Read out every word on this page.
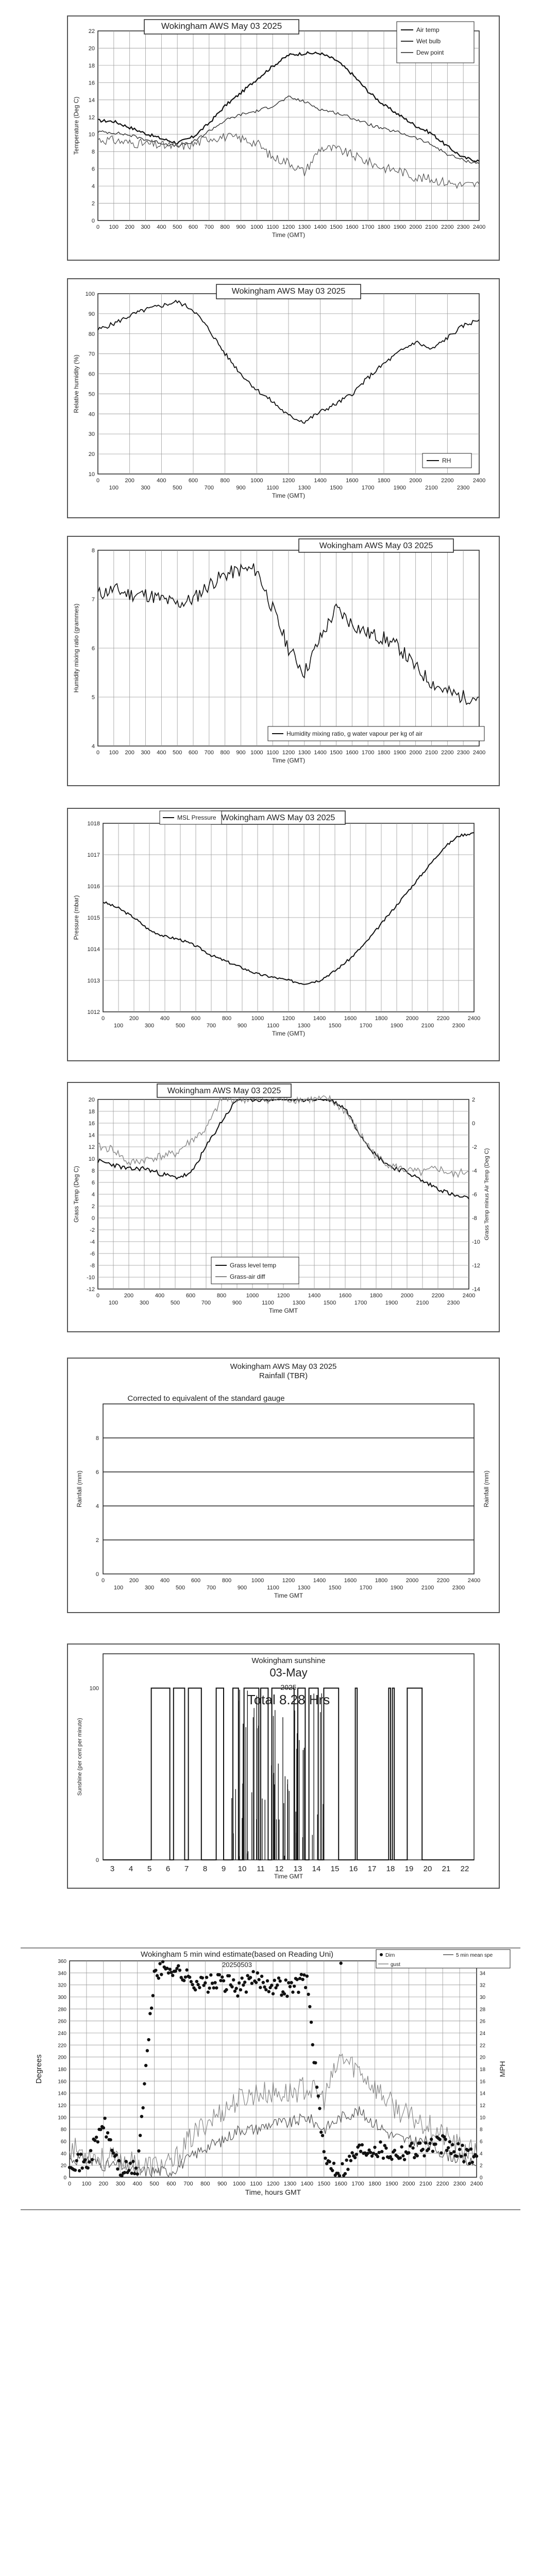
0
2
4
6
8
10
12
14
16
18
20
22
0 100 200 300 400 500 600 700 800 900 1000 1100 1200 1300 1400 1500 1600 1700 1800 1900 2000 2100 2200 2300 2400
Time (GMT)
Temperature (Deg C)
Wokingham AWS May 03 2025	Air temp
Wet bulb
Dew point
10
20
30
40
50
60
70
80
90
100
0	200	400	600	800	1000	1200	1400	1600	1800	2000	2200	2400
100	300	500	700	900	1100	1300	1500	1700	1900	2100	2300
Time (GMT)
Relative humidity (%)
Wokingham AWS May 03 2025
RH
4
5
6
7
8
0 100 200 300 400 500 600 700 800 900 1000 1100 1200 1300 1400 1500 1600 1700 1800 1900 2000 2100 2200 2300 2400
Time (GMT)
Humidity mixing ratio (grammes)
Wokingham AWS May 03 2025
Humidity mixing ratio, g water vapour per kg of air
1012
1013
1014
1015
1016
1017
1018
0	200	400	600	800	1000	1200	1400	1600	1800	2000	2200	2400
100	300	500	700	900	1100	1300	1500	1700	1900	2100	2300
Time (GMT)
Pressure (mbar)
Wokingham AWS May 03 2025
MSL Pressure
20
18
16
14
12
10
8
6
4
2
0
-2
-4
-6
-8
-10
-12
2
0
-2
-4
-6
-8
-10
-12
-14
0	200	400	600	800	1000	1200	1400	1600	1800	2000	2200	2400
100	300	500	700	900	1100	1300	1500	1700	1900	2100	2300
Time GMT
Grass Temp (Deg C)	Grass Temp minus Air Temp (Deg C)
Wokingham AWS May 03 2025
Grass level temp
Grass-air diff
8
6
4
2
0
0	200	400	600	800	1000	1200	1400	1600	1800	2000	2200	2400
100	300	500	700	900	1100	1300	1500	1700	1900	2100	2300
Time GMT
Rainfall (mm)	Rainfall (mm)
Wokingham AWS May 03 2025
Rainfall (TBR)
Corrected to equivalent of the standard gauge
100
0
3 4 5 6 7 8 9 10 11 12 13 14 15 16 17 18 19 20 21 22
Time GMT
Sunshine (per cent per minute)
Wokingham sunshine
03-May
2025
Total 8.28 Hrs
0
20
40
60
80
100
120
140
160
180
200
220
240
260
280
300
320
340
360
0
2
4
6
8
10
12
14
16
18
20
22
24
26
28
30
32
34
0 100 200 300 400 500 600 700 800 900 1000 1100 1200 1300 1400 1500 1600 1700 1800 1900 2000 2100 2200 2300 2400
Time, hours GMT
Degrees	MPH
Wokingham 5 min wind estimate(based on Reading Uni)
20250503
Dirn	5 min mean spe
gust
